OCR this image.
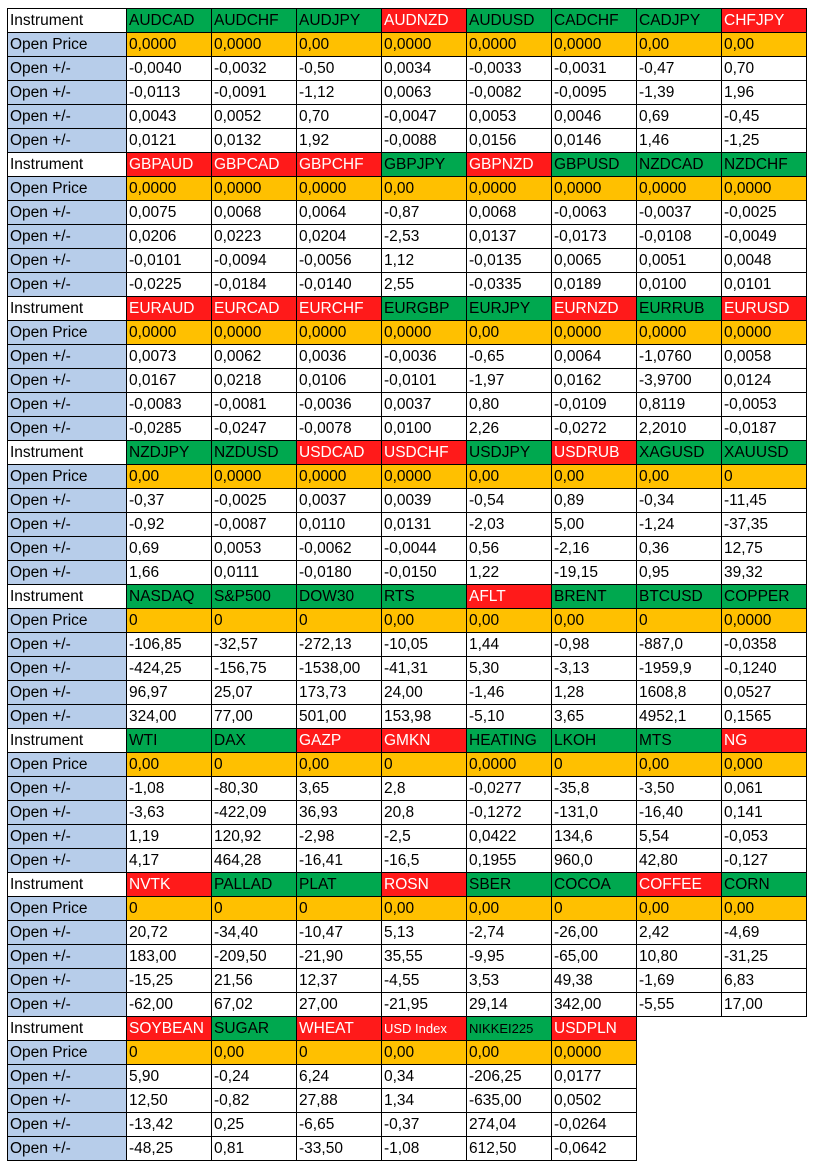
Instrument	AUDCAD	AUDCHF	AUDJPY	AUDNZD	AUDUSD	CADCHF	CADJPY	CHFJPY
Open Price	0,0000	0,0000	0,00	0,0000	0,0000	0,0000	0,00	0,00
Open +/-	-0,0040	-0,0032	-0,50	0,0034	-0,0033	-0,0031	-0,47	0,70
Open +/-	-0,0113	-0,0091	-1,12	0,0063	-0,0082	-0,0095	-1,39	1,96
Open +/-	0,0043	0,0052	0,70	-0,0047	0,0053	0,0046	0,69	-0,45
Open +/-	0,0121	0,0132	1,92	-0,0088	0,0156	0,0146	1,46	-1,25
Instrument	GBPAUD	GBPCAD	GBPCHF	GBPJPY	GBPNZD	GBPUSD	NZDCAD	NZDCHF
Open Price	0,0000	0,0000	0,0000	0,00	0,0000	0,0000	0,0000	0,0000
Open +/-	0,0075	0,0068	0,0064	-0,87	0,0068	-0,0063	-0,0037	-0,0025
Open +/-	0,0206	0,0223	0,0204	-2,53	0,0137	-0,0173	-0,0108	-0,0049
Open +/-	-0,0101	-0,0094	-0,0056	1,12	-0,0135	0,0065	0,0051	0,0048
Open +/-	-0,0225	-0,0184	-0,0140	2,55	-0,0335	0,0189	0,0100	0,0101
Instrument	EURAUD	EURCAD	EURCHF	EURGBP	EURJPY	EURNZD	EURRUB	EURUSD
Open Price	0,0000	0,0000	0,0000	0,0000	0,00	0,0000	0,0000	0,0000
Open +/-	0,0073	0,0062	0,0036	-0,0036	-0,65	0,0064	-1,0760	0,0058
Open +/-	0,0167	0,0218	0,0106	-0,0101	-1,97	0,0162	-3,9700	0,0124
Open +/-	-0,0083	-0,0081	-0,0036	0,0037	0,80	-0,0109	0,8119	-0,0053
Open +/-	-0,0285	-0,0247	-0,0078	0,0100	2,26	-0,0272	2,2010	-0,0187
Instrument	NZDJPY	NZDUSD	USDCAD	USDCHF	USDJPY	USDRUB	XAGUSD	XAUUSD
Open Price	0,00	0,0000	0,0000	0,0000	0,00	0,00	0,00	0
Open +/-	-0,37	-0,0025	0,0037	0,0039	-0,54	0,89	-0,34	-11,45
Open +/-	-0,92	-0,0087	0,0110	0,0131	-2,03	5,00	-1,24	-37,35
Open +/-	0,69	0,0053	-0,0062	-0,0044	0,56	-2,16	0,36	12,75
Open +/-	1,66	0,0111	-0,0180	-0,0150	1,22	-19,15	0,95	39,32
Instrument	NASDAQ	S&P500	DOW30	RTS	AFLT	BRENT	BTCUSD	COPPER
Open Price	0	0	0	0,00	0,00	0,00	0	0,0000
Open +/-	-106,85	-32,57	-272,13	-10,05	1,44	-0,98	-887,0	-0,0358
Open +/-	-424,25	-156,75	-1538,00	-41,31	5,30	-3,13	-1959,9	-0,1240
Open +/-	96,97	25,07	173,73	24,00	-1,46	1,28	1608,8	0,0527
Open +/-	324,00	77,00	501,00	153,98	-5,10	3,65	4952,1	0,1565
Instrument	WTI	DAX	GAZP	GMKN	HEATING	LKOH	MTS	NG
Open Price	0,00	0	0,00	0	0,0000	0	0,00	0,000
Open +/-	-1,08	-80,30	3,65	2,8	-0,0277	-35,8	-3,50	0,061
Open +/-	-3,63	-422,09	36,93	20,8	-0,1272	-131,0	-16,40	0,141
Open +/-	1,19	120,92	-2,98	-2,5	0,0422	134,6	5,54	-0,053
Open +/-	4,17	464,28	-16,41	-16,5	0,1955	960,0	42,80	-0,127
Instrument	NVTK	PALLAD	PLAT	ROSN	SBER	COCOA	COFFEE	CORN
Open Price	0	0	0	0,00	0,00	0	0,00	0,00
Open +/-	20,72	-34,40	-10,47	5,13	-2,74	-26,00	2,42	-4,69
Open +/-	183,00	-209,50	-21,90	35,55	-9,95	-65,00	10,80	-31,25
Open +/-	-15,25	21,56	12,37	-4,55	3,53	49,38	-1,69	6,83
Open +/-	-62,00	67,02	27,00	-21,95	29,14	342,00	-5,55	17,00
Instrument	SOYBEAN	SUGAR	WHEAT	USD Index	NIKKEI225	USDPLN		
Open Price	0	0,00	0	0,00	0,00	0,0000		
Open +/-	5,90	-0,24	6,24	0,34	-206,25	0,0177		
Open +/-	12,50	-0,82	27,88	1,34	-635,00	0,0502		
Open +/-	-13,42	0,25	-6,65	-0,37	274,04	-0,0264		
Open +/-	-48,25	0,81	-33,50	-1,08	612,50	-0,0642		
